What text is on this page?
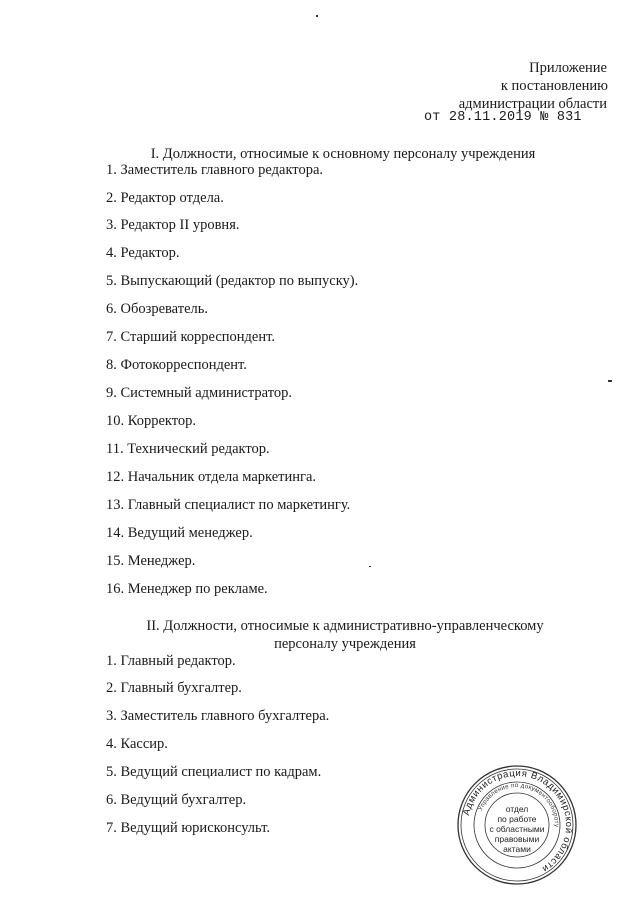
Приложение
к постановлению
администрации области
от 28.11.2019 № 831
I. Должности, относимые к основному персоналу учреждения
1. Заместитель главного редактора.
2. Редактор отдела.
3. Редактор II уровня.
4. Редактор.
5. Выпускающий (редактор по выпуску).
6. Обозреватель.
7. Старший корреспондент.
8. Фотокорреспондент.
9. Системный администратор.
10. Корректор.
11. Технический редактор.
12. Начальник отдела маркетинга.
13. Главный специалист по маркетингу.
14. Ведущий менеджер.
15. Менеджер.
16. Менеджер по рекламе.
II. Должности, относимые к административно-управленческому
персоналу учреждения
1. Главный редактор.
2. Главный бухгалтер.
3. Заместитель главного бухгалтера.
4. Кассир.
5. Ведущий специалист по кадрам.
6. Ведущий бухгалтер.
7. Ведущий юрисконсульт.
Администрация Владимирской области
Управление по документообороту
отдел
по работе
с областными
правовыми
актами
